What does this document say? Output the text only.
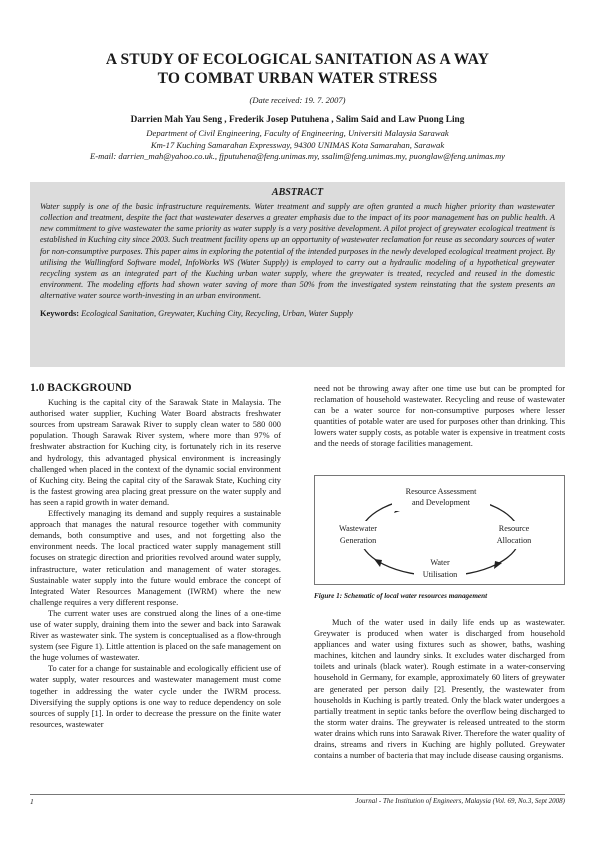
A STUDY OF ECOLOGICAL SANITATION AS A WAY
TO COMBAT URBAN WATER STRESS

(Date received: 19. 7. 2007)

Darrien Mah Yau Seng , Frederik Josep Putuhena , Salim Said and Law Puong Ling

Department of Civil Engineering, Faculty of Engineering, Universiti Malaysia Sarawak
Km-17 Kuching Samarahan Expressway, 94300 UNIMAS Kota Samarahan, Sarawak
E-mail: darrien_mah@yahoo.co.uk., fjputuhena@feng.unimas.my, ssalim@feng.unimas.my, puonglaw@feng.unimas.my
ABSTRACT

Water supply is one of the basic infrastructure requirements. Water treatment and supply are often granted a much higher priority than wastewater collection and treatment, despite the fact that wastewater deserves a greater emphasis due to the impact of its poor management has on public health. A new commitment to give wastewater the same priority as water supply is a very positive development. A pilot project of greywater ecological treatment is established in Kuching city since 2003. Such treatment facility opens up an opportunity of wastewater reclamation for reuse as secondary sources of water for non-consumptive purposes. This paper aims in exploring the potential of the intended purposes in the newly developed ecological treatment project. By utilising the Wallingford Software model, InfoWorks WS (Water Supply) is employed to carry out a hydraulic modeling of a hypothetical greywater recycling system as an integrated part of the Kuching urban water supply, where the greywater is treated, recycled and reused in the domestic environment. The modeling efforts had shown water saving of more than 50% from the investigated system reinstating that the system presents an alternative water source worth-investing in an urban environment.

Keywords: Ecological Sanitation, Greywater, Kuching City, Recycling, Urban, Water Supply

1.0 BACKGROUND

Kuching is the capital city of the Sarawak State in Malaysia. The authorised water supplier, Kuching Water Board abstracts freshwater sources from upstream Sarawak River to supply clean water to 580 000 population. Though Sarawak River system, where more than 97% of freshwater abstraction for Kuching city, is fortunately rich in its reserve and hydrology, this advantaged physical environment is increasingly challenged when placed in the context of the dynamic social environment of Kuching city. Being the capital city of the Sarawak State, Kuching city is the fastest growing area placing great pressure on the water supply and has seen a rapid growth in water demand.

Effectively managing its demand and supply requires a sustainable approach that manages the natural resource together with community demands, both consumptive and uses, and not forgetting also the environment needs. The local practiced water supply management still focuses on strategic direction and priorities revolved around water supply, infrastructure, water reticulation and management of water storages. Sustainable water supply into the future would embrace the concept of Integrated Water Resources Management (IWRM) where the new challenge requires a very different response.

The current water uses are construed along the lines of a one-time use of water supply, draining them into the sewer and back into Sarawak River as wastewater sink. The system is conceptualised as a flow-through system (see Figure 1). Little attention is placed on the safe management on the huge volumes of wastewater.

To cater for a change for sustainable and ecologically efficient use of water supply, water resources and wastewater management must come together in addressing the water cycle under the IWRM process. Diversifying the supply options is one way to reduce dependency on sole sources of supply [1]. In order to decrease the pressure on the finite water resources, wastewater

need not be throwing away after one time use but can be prompted for reclamation of household wastewater. Recycling and reuse of wastewater can be a water source for non-consumptive purposes where lesser quantities of potable water are used for purposes other than drinking. This lowers water supply costs, as potable water is expensive in treatment costs and the needs of storage facilities management.

Resource Assessment
and Development
Resource
Allocation
Water
Utilisation
Wastewater
Generation

Figure 1: Schematic of local water resources management

Much of the water used in daily life ends up as wastewater. Greywater is produced when water is discharged from household appliances and water using fixtures such as shower, baths, washing machines, kitchen and laundry sinks. It excludes water discharged from toilets and urinals (black water). Rough estimate in a water-conserving household in Germany, for example, approximately 60 liters of greywater are generated per person daily [2]. Presently, the wastewater from households in Kuching is partly treated. Only the black water undergoes a partially treatment in septic tanks before the overflow being discharged to the storm water drains. The greywater is released untreated to the storm water drains which runs into Sarawak River. Therefore the water quality of drains, streams and rivers in Kuching are highly polluted. Greywater contains a number of bacteria that may include disease causing organisms.

1	Journal - The Institution of Engineers, Malaysia (Vol. 69, No.3, Sept 2008)
